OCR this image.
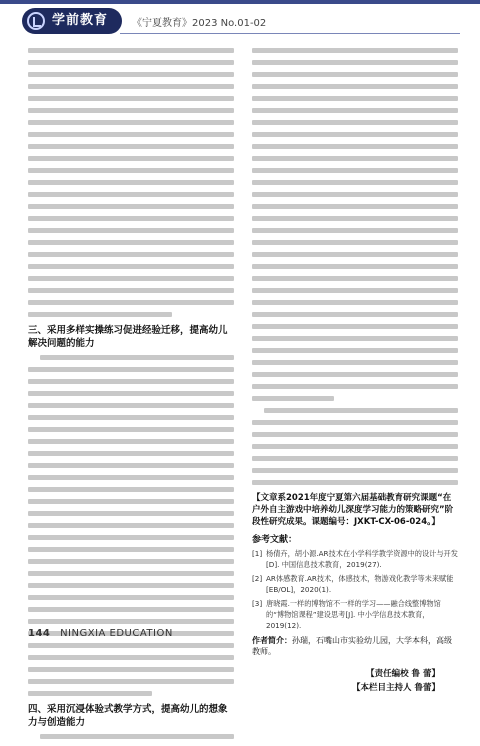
学前教育	《宁夏教育》2023 No.01-02
三、采用多样实操练习促进经验迁移，提高幼儿解决问题的能力
四、采用沉浸体验式教学方式，提高幼儿的想象力与创造能力
【文章系2021年度宁夏第六届基础教育研究课题“在户外自主游戏中培养幼儿深度学习能力的策略研究”阶段性研究成果。课题编号：JXKT-CX-06-024。】
参考文献：
[1] 杨倩卉，胡小源.AR技术在小学科学教学资源中的设计与开发[D]. 中国信息技术教育，2019(27).
[2] AR体感教育.AR技术，体感技术，物游戏化教学等未来赋能 [EB/OL]，2020(1).
[3] 唐晓霞.一样的博物馆不一样的学习——融合线整博物馆的“博物馆课程”建设思考[J]. 中小学信息技术教育，2019(12).
作者简介：孙瑞，石嘴山市实验幼儿园，大学本科，高级教师。
【责任编校 鲁 蕾】
【本栏目主持人 鲁蕾】
144 NINGXIA EDUCATION
